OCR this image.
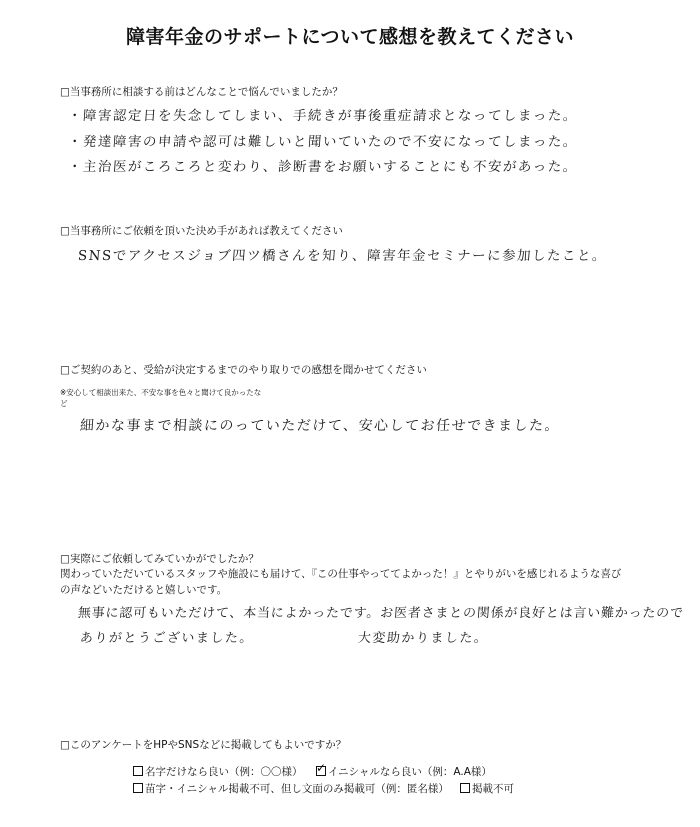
障害年金のサポートについて感想を教えてください
□当事務所に相談する前はどんなことで悩んでいましたか？
・障害認定日を失念してしまい、手続きが事後重症請求となってしまった。
・発達障害の申請や認可は難しいと聞いていたので不安になってしまった。
・主治医がころころと変わり、診断書をお願いすることにも不安があった。
□当事務所にご依頼を頂いた決め手があれば教えてください
SNSでアクセスジョブ四ツ橋さんを知り、障害年金セミナーに参加したこと。
□ご契約のあと、受給が決定するまでのやり取りでの感想を聞かせてください
※安心して相談出来た、不安な事を色々と聞けて良かったな
ど
細かな事まで相談にのっていただけて、安心してお任せできました。
□実際にご依頼してみていかがでしたか？
関わっていただいているスタッフや施設にも届けて、『この仕事やっててよかった！』とやりがいを感じれるような喜び
の声などいただけると嬉しいです。
無事に認可もいただけて、本当によかったです。お医者さまとの関係が良好とは言い難かったので
ありがとうございました。	大変助かりました。
□このアンケートをHPやSNSなどに掲載してもよいですか？
名字だけなら良い（例：〇〇様） ✓ イニシャルなら良い（例：A.A様）
苗字・イニシャル掲載不可、但し文面のみ掲載可（例：匿名様）	掲載不可
